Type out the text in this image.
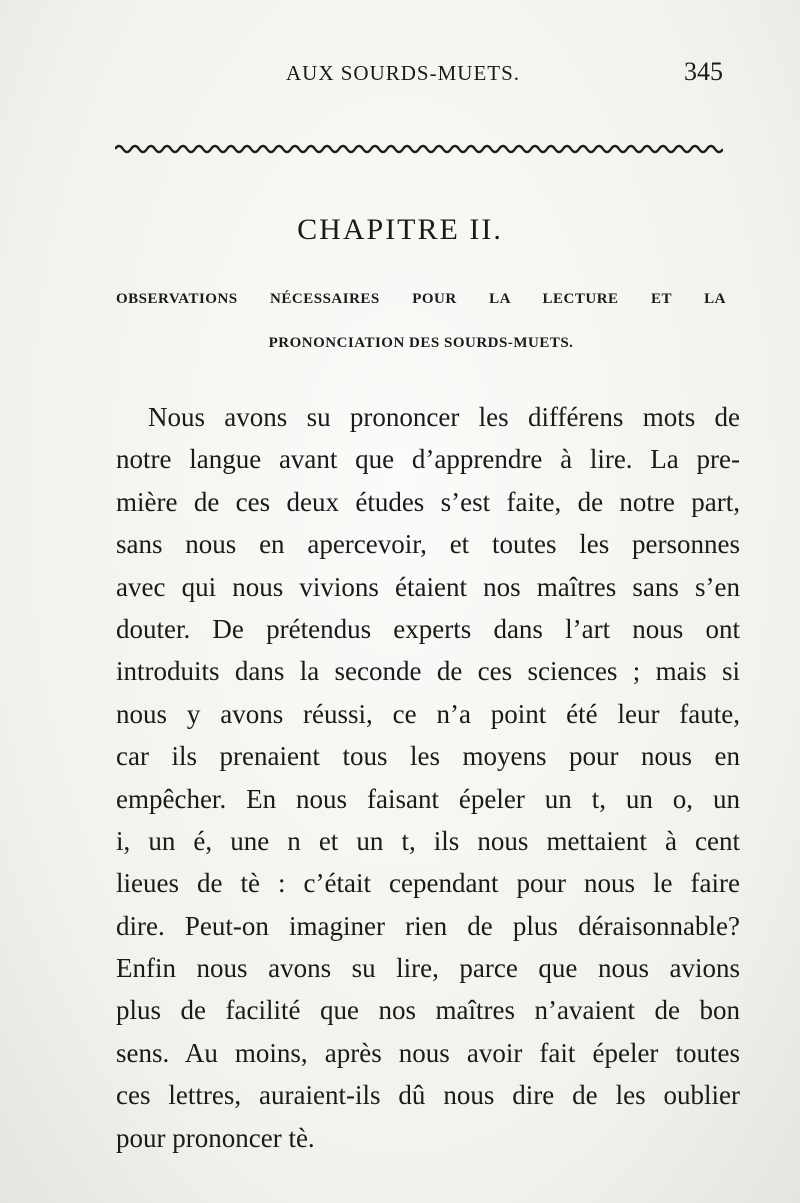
AUX SOURDS-MUETS.	345
CHAPITRE II.
OBSERVATIONS NÉCESSAIRES POUR LA LECTURE ET LA
PRONONCIATION DES SOURDS-MUETS.
Nous avons su prononcer les différens mots de
notre langue avant que d’apprendre à lire. La pre-
mière de ces deux études s’est faite, de notre part,
sans nous en apercevoir, et toutes les personnes
avec qui nous vivions étaient nos maîtres sans s’en
douter. De prétendus experts dans l’art nous ont
introduits dans la seconde de ces sciences ; mais si
nous y avons réussi, ce n’a point été leur faute,
car ils prenaient tous les moyens pour nous en
empêcher. En nous faisant épeler un t, un o, un
i, un é, une n et un t, ils nous mettaient à cent
lieues de tè : c’était cependant pour nous le faire
dire. Peut-on imaginer rien de plus déraisonnable?
Enfin nous avons su lire, parce que nous avions
plus de facilité que nos maîtres n’avaient de bon
sens. Au moins, après nous avoir fait épeler toutes
ces lettres, auraient-ils dû nous dire de les oublier
pour prononcer tè.
